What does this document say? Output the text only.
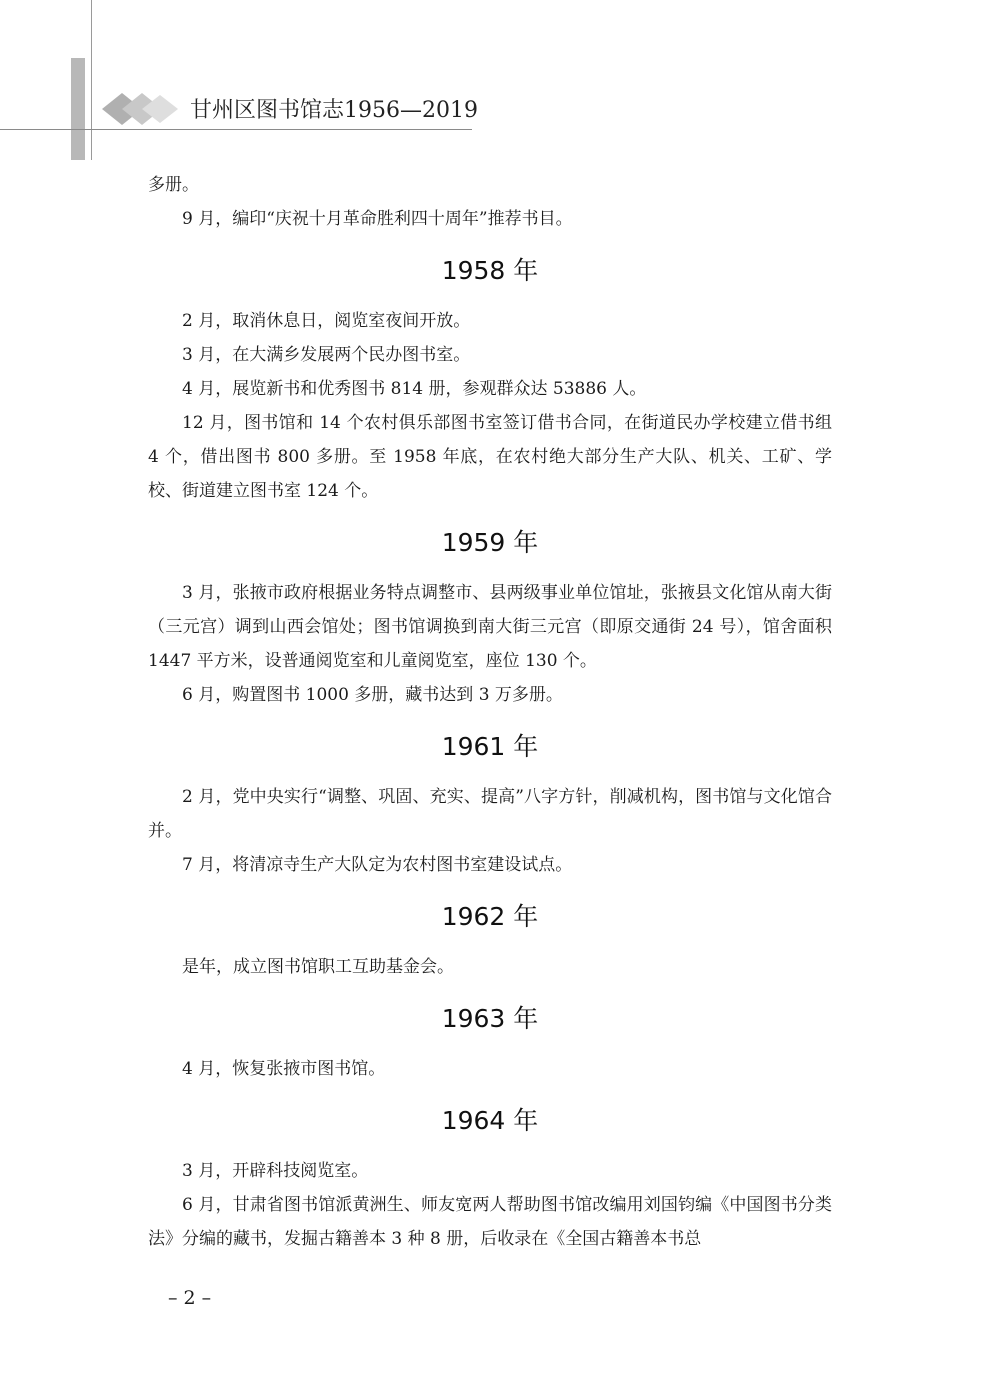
甘州区图书馆志1956—2019

多册。

9 月，编印“庆祝十月革命胜利四十周年”推荐书目。

1958 年

2 月，取消休息日，阅览室夜间开放。

3 月，在大满乡发展两个民办图书室。

4 月，展览新书和优秀图书 814 册，参观群众达 53886 人。

12 月，图书馆和 14 个农村俱乐部图书室签订借书合同，在街道民办学校建立借书组 4 个，借出图书 800 多册。至 1958 年底，在农村绝大部分生产大队、机关、工矿、学校、街道建立图书室 124 个。

1959 年

3 月，张掖市政府根据业务特点调整市、县两级事业单位馆址，张掖县文化馆从南大街（三元宫）调到山西会馆处；图书馆调换到南大街三元宫（即原交通街 24 号），馆舍面积 1447 平方米，设普通阅览室和儿童阅览室，座位 130 个。

6 月，购置图书 1000 多册，藏书达到 3 万多册。

1961 年

2 月，党中央实行“调整、巩固、充实、提高”八字方针，削减机构，图书馆与文化馆合并。

7 月，将清凉寺生产大队定为农村图书室建设试点。

1962 年

是年，成立图书馆职工互助基金会。

1963 年

4 月，恢复张掖市图书馆。

1964 年

3 月，开辟科技阅览室。

6 月，甘肃省图书馆派黄洲生、师友宽两人帮助图书馆改编用刘国钧编《中国图书分类法》分编的藏书，发掘古籍善本 3 种 8 册，后收录在《全国古籍善本书总

– 2 –
